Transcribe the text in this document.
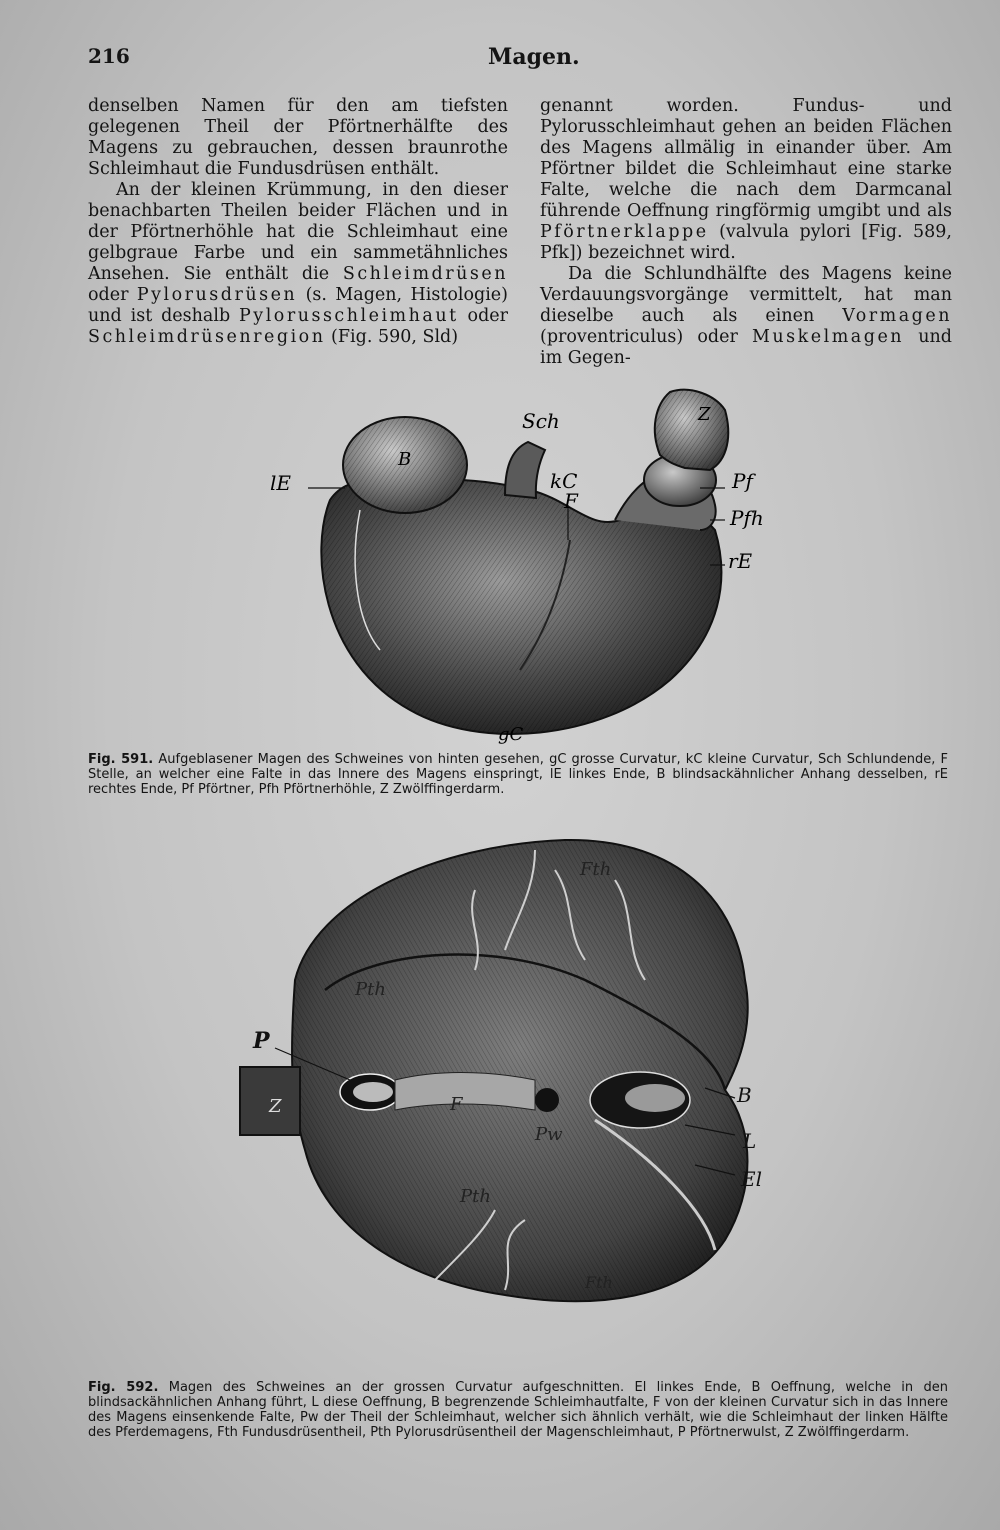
216	Magen.

denselben Namen für den am tiefsten gelegenen Theil der Pförtnerhälfte des Magens zu gebrauchen, dessen braunrothe Schleimhaut die Fundusdrüsen enthält.

An der kleinen Krümmung, in den dieser benachbarten Theilen beider Flächen und in der Pförtnerhöhle hat die Schleimhaut eine gelbgraue Farbe und ein sammetähnliches Ansehen. Sie enthält die Schleimdrüsen oder Pylorusdrüsen (s. Magen, Histologie) und ist deshalb Pylorusschleimhaut oder Schleimdrüsenregion (Fig. 590, Sld)

genannt worden. Fundus- und Pylorusschleimhaut gehen an beiden Flächen des Magens allmälig in einander über. Am Pförtner bildet die Schleimhaut eine starke Falte, welche die nach dem Darmcanal führende Oeffnung ringförmig umgibt und als Pförtnerklappe (valvula pylori [Fig. 589, Pfk]) bezeichnet wird.

Da die Schlundhälfte des Magens keine Verdauungsvorgänge vermittelt, hat man dieselbe auch als einen Vormagen (proventriculus) oder Muskelmagen und im Gegen-

Sch	Z
B
lE	kC
F
Pf
Pfh
rE
gC
Fig. 591. Aufgeblasener Magen des Schweines von hinten gesehen, gC grosse Curvatur, kC kleine Curvatur, Sch Schlundende, F Stelle, an welcher eine Falte in das Innere des Magens einspringt, lE linkes Ende, B blindsackähnlicher Anhang desselben, rE rechtes Ende, Pf Pförtner, Pfh Pförtnerhöhle, Z Zwölffingerdarm.
Fth
Pth
P
Z	F
Pw
B
L
El
Pth
Fth
Fig. 592. Magen des Schweines an der grossen Curvatur aufgeschnitten. El linkes Ende, B Oeffnung, welche in den blindsackähnlichen Anhang führt, L diese Oeffnung, B begrenzende Schleimhautfalte, F von der kleinen Curvatur sich in das Innere des Magens einsenkende Falte, Pw der Theil der Schleimhaut, welcher sich ähnlich verhält, wie die Schleimhaut der linken Hälfte des Pferdemagens, Fth Fundusdrüsentheil, Pth Pylorusdrüsentheil der Magenschleimhaut, P Pförtnerwulst, Z Zwölffingerdarm.
